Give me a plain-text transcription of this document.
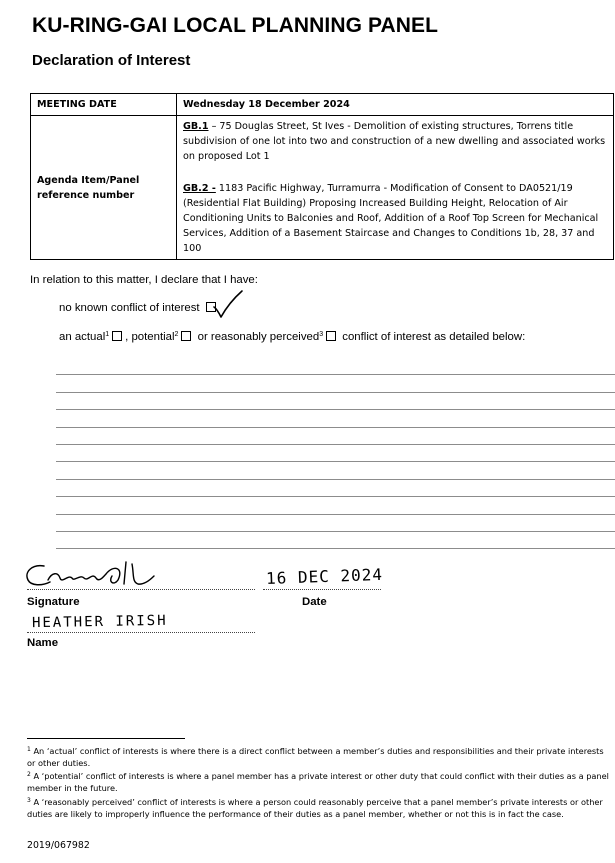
KU-RING-GAI LOCAL PLANNING PANEL
Declaration of Interest
MEETING DATE	Wednesday 18 December 2024
Agenda Item/Panel reference number	GB.1 – 75 Douglas Street, St Ives - Demolition of existing structures, Torrens title subdivision of one lot into two and construction of a new dwelling and associated works on proposed Lot 1
GB.2 - 1183 Pacific Highway, Turramurra - Modification of Consent to DA0521/19 (Residential Flat Building) Proposing Increased Building Height, Relocation of Air Conditioning Units to Balconies and Roof, Addition of a Roof Top Screen for Mechanical Services, Addition of a Basement Staircase and Changes to Conditions 1b, 28, 37 and 100
In relation to this matter, I declare that I have:
no known conflict of interest
an actual$^1$ , potential$^2$ or reasonably perceived$^3$ conflict of interest as detailed below:
16 DEC 2024
Signature	Date
HEATHER IRISH
Name
$^1$ An ‘actual’ conflict of interests is where there is a direct conflict between a member’s duties and responsibilities and their private interests or other duties.
$^2$ A ‘potential’ conflict of interests is where a panel member has a private interest or other duty that could conflict with their duties as a panel member in the future.
$^3$ A ‘reasonably perceived’ conflict of interests is where a person could reasonably perceive that a panel member’s private interests or other duties are likely to improperly influence the performance of their duties as a panel member, whether or not this is in fact the case.
2019/067982
